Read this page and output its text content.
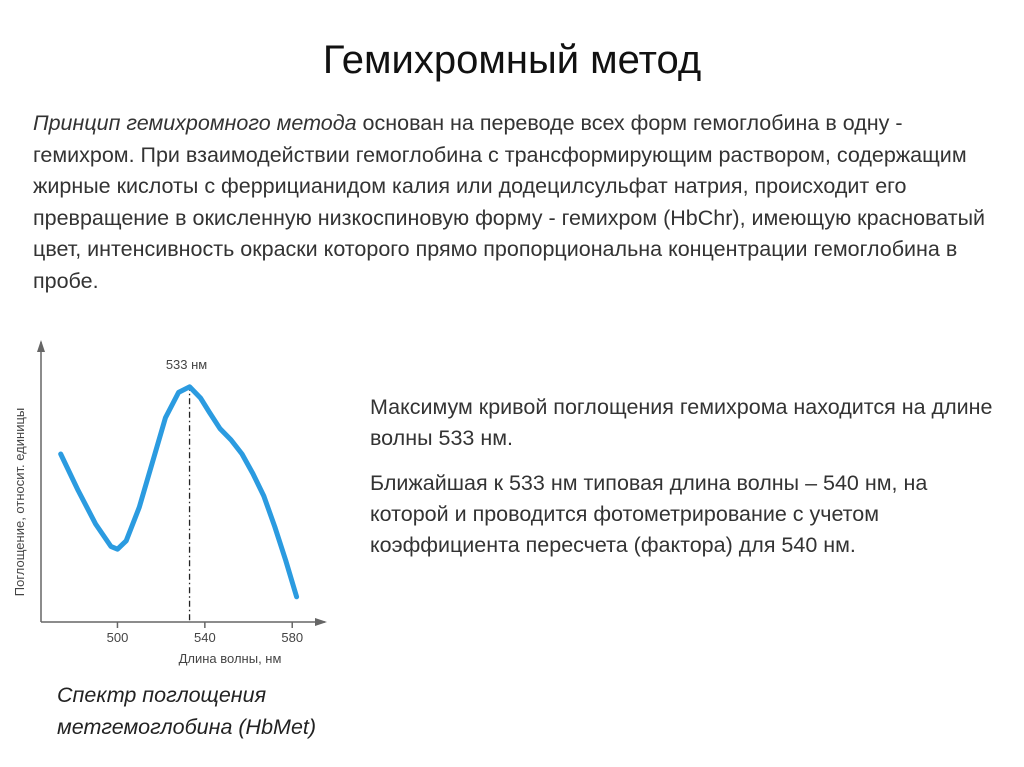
Гемихромный метод
Принцип гемихромного метода основан на переводе всех форм гемоглобина в одну - гемихром. При взаимодействии гемоглобина с трансформирующим раствором, содержащим жирные кислоты с феррицианидом калия или додецилсульфат натрия, происходит его превращение в окисленную низкоспиновую форму - гемихром (HbChr), имеющую красноватый цвет, интенсивность окраски которого прямо пропорциональна концентрации гемоглобина в пробе.
500	540	580
533 нм
Длина волны, нм
Поглощение, относит. единицы
Максимум кривой поглощения гемихрома находится на длине волны 533 нм.
Ближайшая к 533 нм типовая длина волны – 540 нм, на которой и проводится фотометрирование с учетом коэффициента пересчета (фактора) для 540 нм.
Спектр поглощения метгемоглобина (HbMet)
